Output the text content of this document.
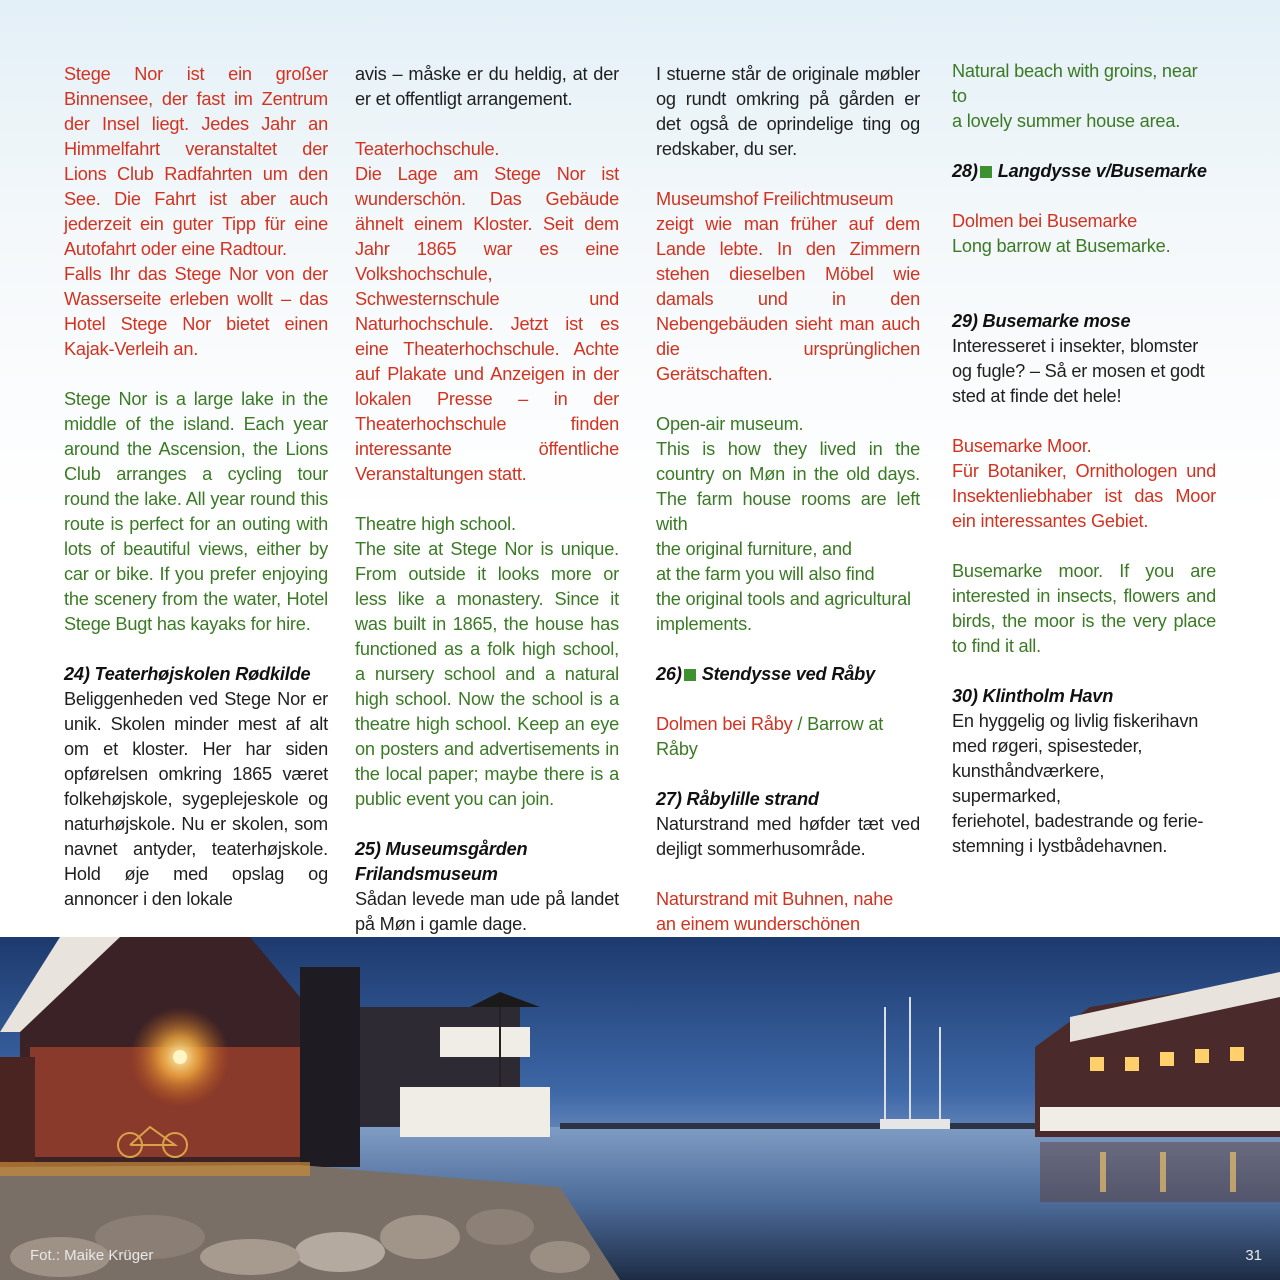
Stege Nor ist ein großer Binnensee, der fast im Zentrum der Insel liegt. Jedes Jahr an Himmelfahrt veranstaltet der Lions Club Radfahrten um den See. Die Fahrt ist aber auch jederzeit ein guter Tipp für eine Autofahrt oder eine Radtour.

Falls Ihr das Stege Nor von der Wasserseite erleben wollt – das Hotel Stege Nor bietet einen Kajak-Verleih an.

Stege Nor is a large lake in the middle of the island. Each year around the Ascension, the Lions Club arranges a cycling tour round the lake. All year round this route is perfect for an outing with lots of beautiful views, either by car or bike. If you prefer enjoying the scenery from the water, Hotel Stege Bugt has kayaks for hire.

24) Teaterhøjskolen Rødkilde

Beliggenheden ved Stege Nor er unik. Skolen minder mest af alt om et kloster. Her har siden opførelsen omkring 1865 været folkehøjskole, sygeplejeskole og naturhøjskole. Nu er skolen, som navnet antyder, teaterhøjskole. Hold øje med opslag og annoncer i den lokale

avis – måske er du heldig, at der er et offentligt arrangement.

Teaterhochschule.

Die Lage am Stege Nor ist wunderschön. Das Gebäude ähnelt einem Kloster. Seit dem Jahr 1865 war es eine Volkshochschule, Schwesternschule und Naturhochschule. Jetzt ist es eine Theaterhochschule. Achte auf Plakate und Anzeigen in der lokalen Presse – in der Theaterhochschule finden interessante öffentliche Veranstaltungen statt.

Theatre high school.

The site at Stege Nor is unique. From outside it looks more or less like a monastery. Since it was built in 1865, the house has functioned as a folk high school, a nursery school and a natural high school. Now the school is a theatre high school. Keep an eye on posters and advertisements in the local paper; maybe there is a public event you can join.

25) Museumsgården

Frilandsmuseum

Sådan levede man ude på landet på Møn i gamle dage.

I stuerne står de originale møbler og rundt omkring på gården er det også de oprindelige ting og redskaber, du ser.

Museumshof Freilichtmuseum

zeigt wie man früher auf dem Lande lebte. In den Zimmern stehen dieselben Möbel wie damals und in den Nebengebäuden sieht man auch die ursprünglichen Gerätschaften.

Open-air museum.

This is how they lived in the country on Møn in the old days. The farm house rooms are left with

the original furniture, and

at the farm you will also find

the original tools and agricultural

implements.

26) Stendysse ved Råby

Dolmen bei Råby / Barrow at Råby

27) Råbylille strand

Naturstrand med høfder tæt ved dejligt sommerhusområde.

Naturstrand mit Buhnen, nahe

an einem wunderschönen

Natural beach with groins, near to

a lovely summer house area.

28) Langdysse v/Busemarke

Dolmen bei Busemarke

Long barrow at Busemarke.

29) Busemarke mose

Interesseret i insekter, blomster og fugle? – Så er mosen et godt sted at finde det hele!

Busemarke Moor.

Für Botaniker, Ornithologen und Insektenliebhaber ist das Moor ein interessantes Gebiet.

Busemarke moor. If you are interested in insects, flowers and birds, the moor is the very place to find it all.

30) Klintholm Havn

En hyggelig og livlig fiskerihavn

med røgeri, spisesteder,

kunsthåndværkere, supermarked,

feriehotel, badestrande og ferie-

stemning i lystbådehavnen.

Fot.: Maike Krüger	31
